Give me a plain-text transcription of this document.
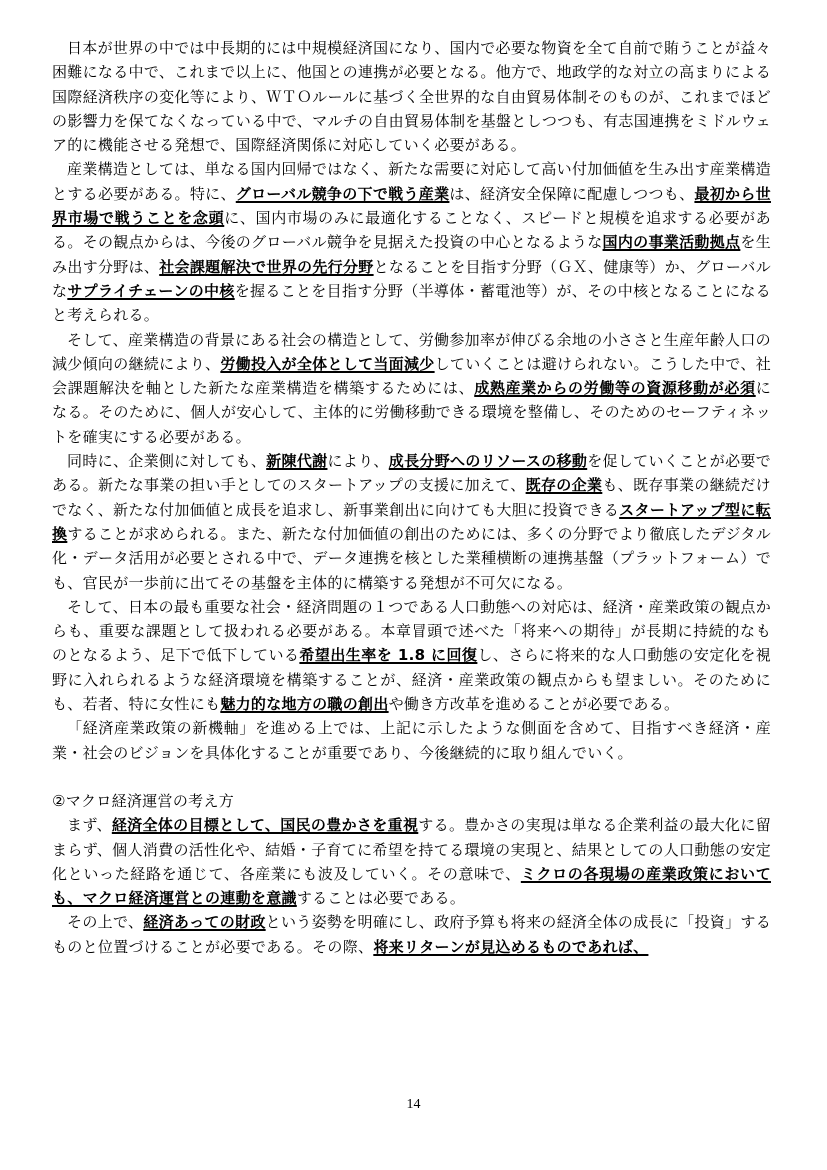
日本が世界の中では中長期的には中規模経済国になり、国内で必要な物資を全て自前で賄うことが益々困難になる中で、これまで以上に、他国との連携が必要となる。他方で、地政学的な対立の高まりによる国際経済秩序の変化等により、ＷＴＯルールに基づく全世界的な自由貿易体制そのものが、これまでほどの影響力を保てなくなっている中で、マルチの自由貿易体制を基盤としつつも、有志国連携をミドルウェア的に機能させる発想で、国際経済関係に対応していく必要がある。

産業構造としては、単なる国内回帰ではなく、新たな需要に対応して高い付加価値を生み出す産業構造とする必要がある。特に、グローバル競争の下で戦う産業は、経済安全保障に配慮しつつも、最初から世界市場で戦うことを念頭に、国内市場のみに最適化することなく、スピードと規模を追求する必要がある。その観点からは、今後のグローバル競争を見据えた投資の中心となるような国内の事業活動拠点を生み出す分野は、社会課題解決で世界の先行分野となることを目指す分野（ＧＸ、健康等）か、グローバルなサプライチェーンの中核を握ることを目指す分野（半導体・蓄電池等）が、その中核となることになると考えられる。

そして、産業構造の背景にある社会の構造として、労働参加率が伸びる余地の小ささと生産年齢人口の減少傾向の継続により、労働投入が全体として当面減少していくことは避けられない。こうした中で、社会課題解決を軸とした新たな産業構造を構築するためには、成熟産業からの労働等の資源移動が必須になる。そのために、個人が安心して、主体的に労働移動できる環境を整備し、そのためのセーフティネットを確実にする必要がある。

同時に、企業側に対しても、新陳代謝により、成長分野へのリソースの移動を促していくことが必要である。新たな事業の担い手としてのスタートアップの支援に加えて、既存の企業も、既存事業の継続だけでなく、新たな付加価値と成長を追求し、新事業創出に向けても大胆に投資できるスタートアップ型に転換することが求められる。また、新たな付加価値の創出のためには、多くの分野でより徹底したデジタル化・データ活用が必要とされる中で、データ連携を核とした業種横断の連携基盤（プラットフォーム）でも、官民が一歩前に出てその基盤を主体的に構築する発想が不可欠になる。

そして、日本の最も重要な社会・経済問題の１つである人口動態への対応は、経済・産業政策の観点からも、重要な課題として扱われる必要がある。本章冒頭で述べた「将来への期待」が長期に持続的なものとなるよう、足下で低下している希望出生率を 1.8 に回復し、さらに将来的な人口動態の安定化を視野に入れられるような経済環境を構築することが、経済・産業政策の観点からも望ましい。そのためにも、若者、特に女性にも魅力的な地方の職の創出や働き方改革を進めることが必要である。

「経済産業政策の新機軸」を進める上では、上記に示したような側面を含めて、目指すべき経済・産業・社会のビジョンを具体化することが重要であり、今後継続的に取り組んでいく。

②マクロ経済運営の考え方

まず、経済全体の目標として、国民の豊かさを重視する。豊かさの実現は単なる企業利益の最大化に留まらず、個人消費の活性化や、結婚・子育てに希望を持てる環境の実現と、結果としての人口動態の安定化といった経路を通じて、各産業にも波及していく。その意味で、ミクロの各現場の産業政策においても、マクロ経済運営との連動を意識することは必要である。

その上で、経済あっての財政という姿勢を明確にし、政府予算も将来の経済全体の成長に「投資」するものと位置づけることが必要である。その際、将来リターンが見込めるものであれば、

14
